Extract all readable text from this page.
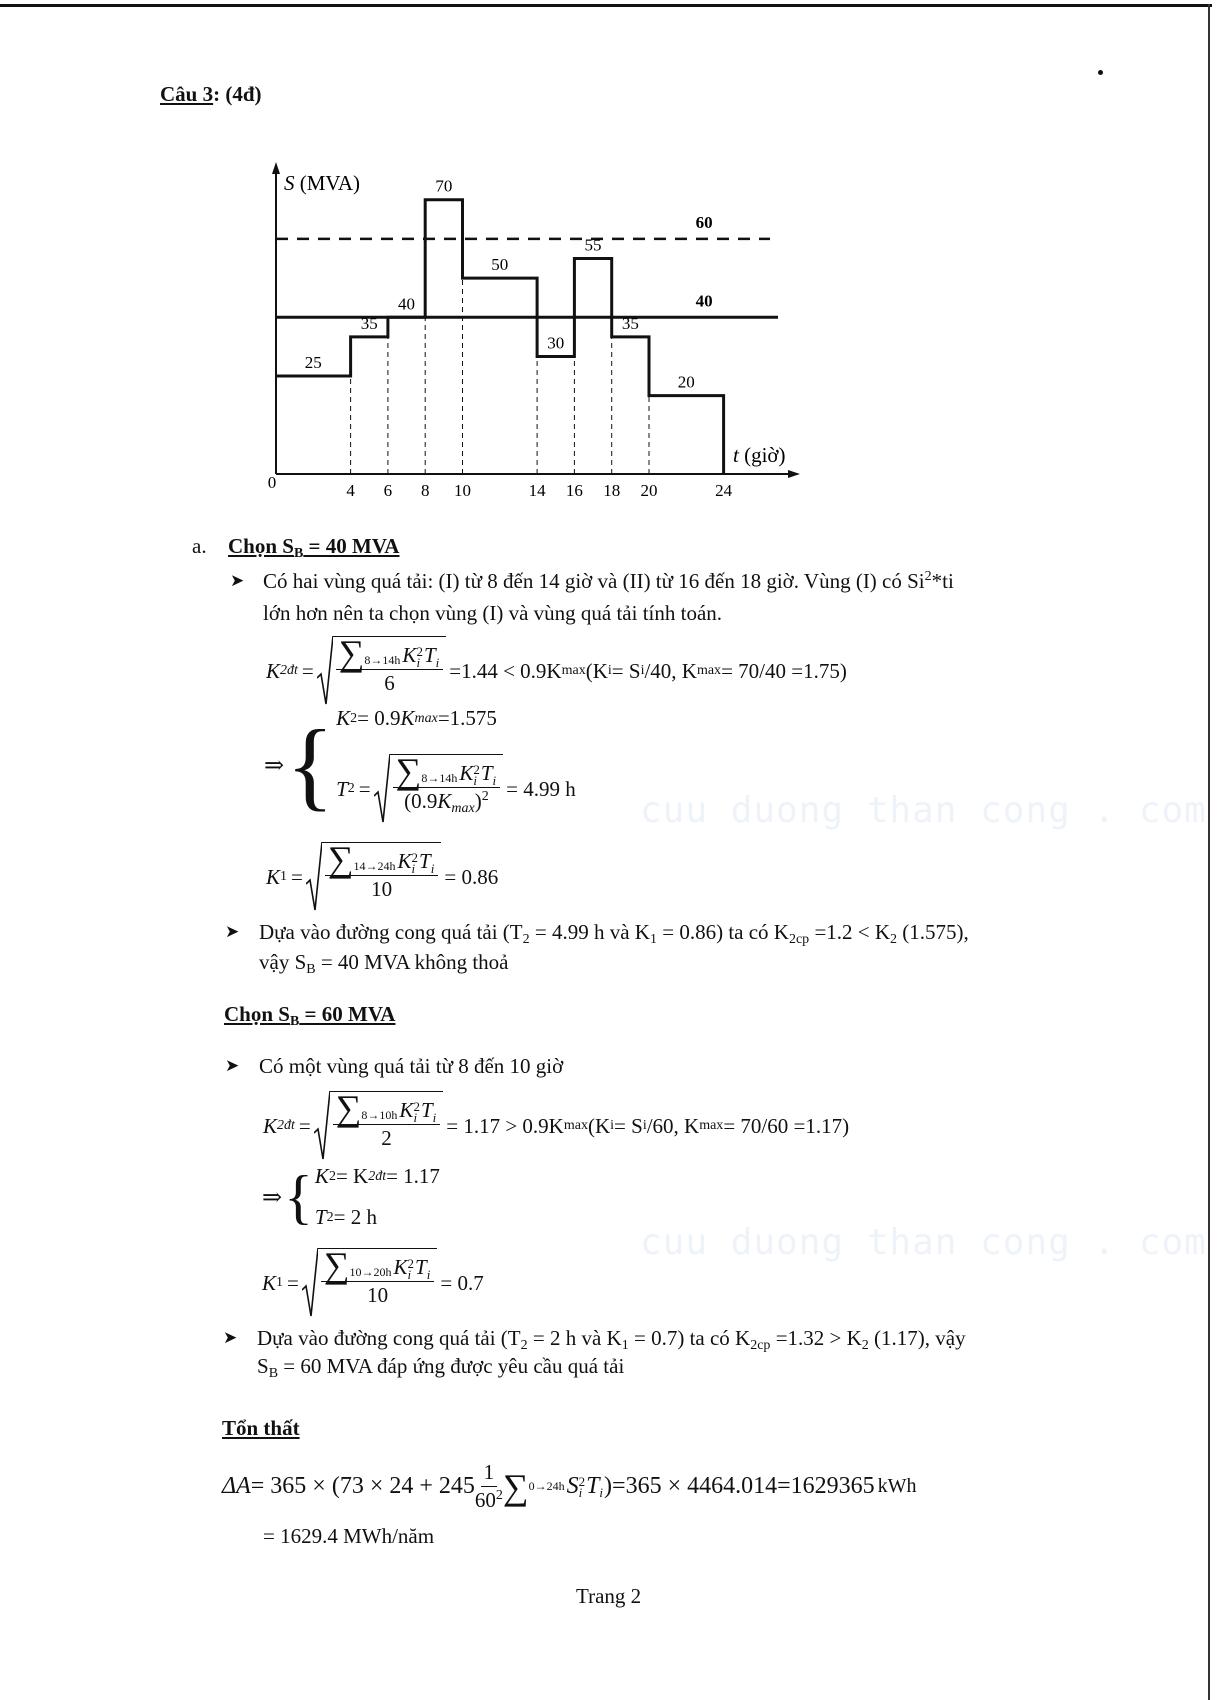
cuu duong than cong . com
cuu duong than cong . com
Câu 3: (4đ)
S (MVA)
t (giờ)
60
40
25
35
40
70
50
30
55
35
20
0	4 6 8 10	14 16 18 20	24
a. Chọn $S_B = 40$ MVA
➤ Có hai vùng quá tải: (I) từ 8 đến 14 giờ và (II) từ 16 đến 18 giờ. Vùng (I) có Si$^2$*ti
lớn hơn nên ta chọn vùng (I) và vùng quá tải tính toán.
K 2đt = ∑ 8→14h K 2
i T
i
6 =1.44 < 0.9K max (K i = S i /40, K max = 70/40 =1.75)
⇒ { K 2 = 0.9 K max =1.575
T 2 = ∑ 8→14h K 2
i T
i
$(0.9K_{max})^2 = 4.99$ h
K 1 = ∑ 14→24h K 2
i T
i
10 = 0.86
➤ Dựa vào đường cong quá tải ($T_2 = 4.99$ h và $K_1 = 0.86$) ta có $K_{2cp} =1.2 < K_2$ (1.575),
vậy $S_B = 40$ MVA không thoả
Chọn $S_B = 60$ MVA
➤ Có một vùng quá tải từ 8 đến 10 giờ
K 2đt = ∑ 8→10h K 2
i T
i
2 = 1.17 > 0.9K max (K i = S i /60, K max = 70/60 =1.17)
⇒ { K 2 = K 2đt = 1.17
T 2 = 2 h
K 1 = ∑ 10→20h K 2
i T
i
10 = 0.7
➤ Dựa vào đường cong quá tải ($T_2 = 2$ h và $K_1 = 0.7$) ta có $K_{2cp} =1.32 > K_2$ (1.17), vậy
$S_B = 60$ MVA đáp ứng được yêu cầu quá tải
Tổn thất
$\Delta A = 365 \times (73 \times 24 + 245 \frac{1}{60^2}$ ∑ 0→24h S 2
i T
i )=365 × 4464.014=1629365 kWh
= 1629.4 MWh/năm
Trang 2
